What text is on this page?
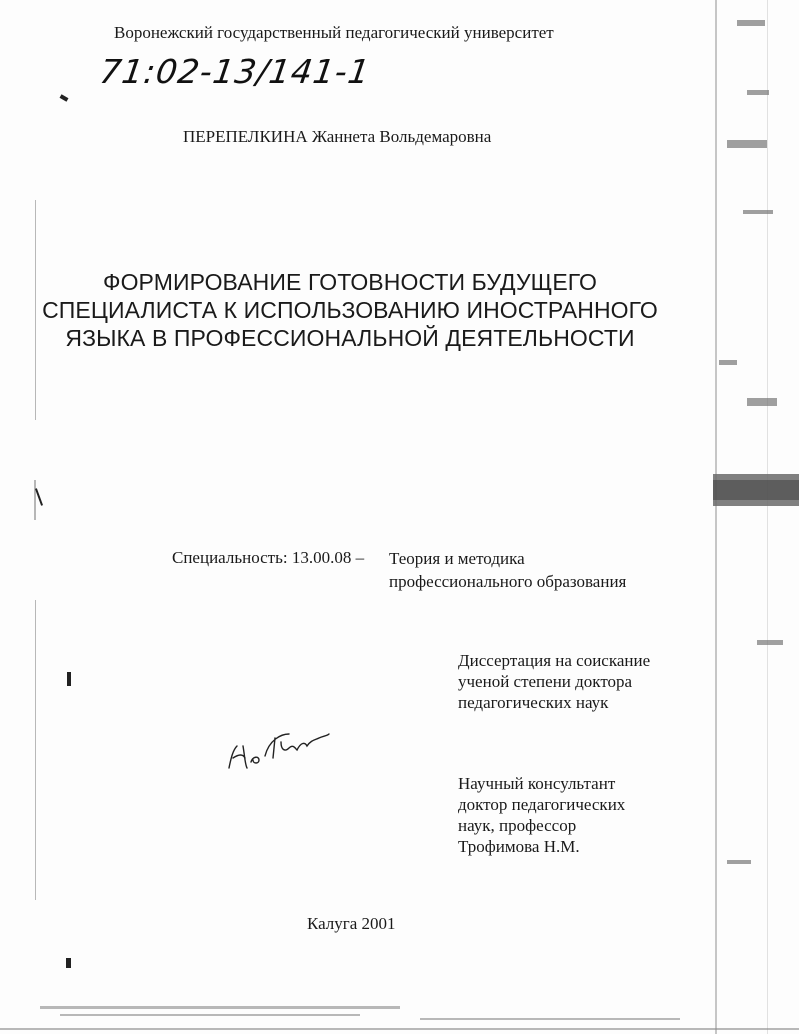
Воронежский государственный педагогический университет
71:02-13/141-1
ПЕРЕПЕЛКИНА Жаннета Вольдемаровна
ФОРМИРОВАНИЕ ГОТОВНОСТИ БУДУЩЕГО
СПЕЦИАЛИСТА К ИСПОЛЬЗОВАНИЮ ИНОСТРАННОГО
ЯЗЫКА В ПРОФЕССИОНАЛЬНОЙ ДЕЯТЕЛЬНОСТИ
Специальность: 13.00.08 – Теория и методика
профессионального образования
Диссертация на соискание
ученой степени доктора
педагогических наук
Научный консультант
доктор педагогических
наук, профессор
Трофимова Н.М.
Калуга 2001
